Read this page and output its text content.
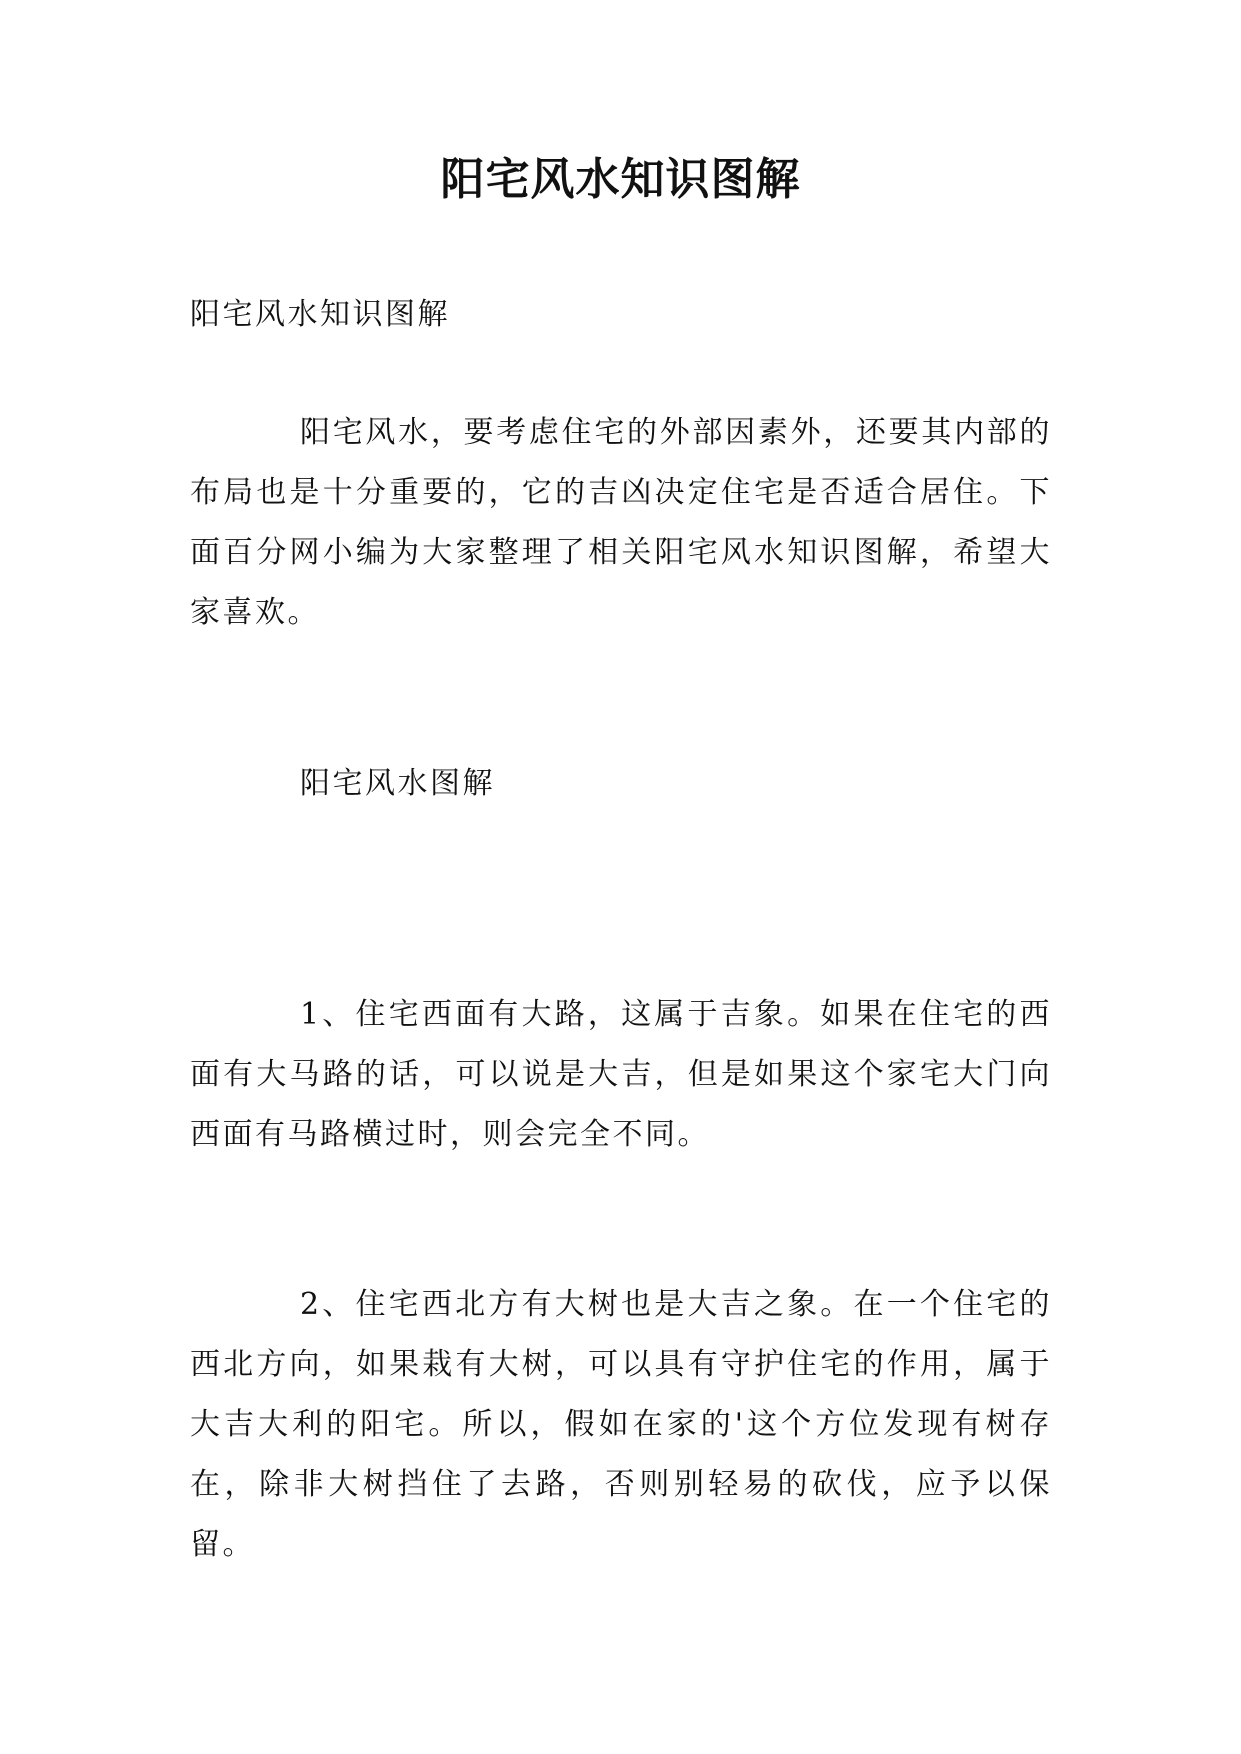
阳宅风水知识图解

阳宅风水知识图解

阳宅风水，要考虑住宅的外部因素外，还要其内部的布局也是十分重要的，它的吉凶决定住宅是否适合居住。下面百分网小编为大家整理了相关阳宅风水知识图解，希望大家喜欢。

阳宅风水图解

1、住宅西面有大路，这属于吉象。如果在住宅的西面有大马路的话，可以说是大吉，但是如果这个家宅大门向西面有马路横过时，则会完全不同。

2、住宅西北方有大树也是大吉之象。在一个住宅的西北方向，如果栽有大树，可以具有守护住宅的作用，属于大吉大利的阳宅。所以，假如在家的'这个方位发现有树存在，除非大树挡住了去路，否则别轻易的砍伐，应予以保留。
